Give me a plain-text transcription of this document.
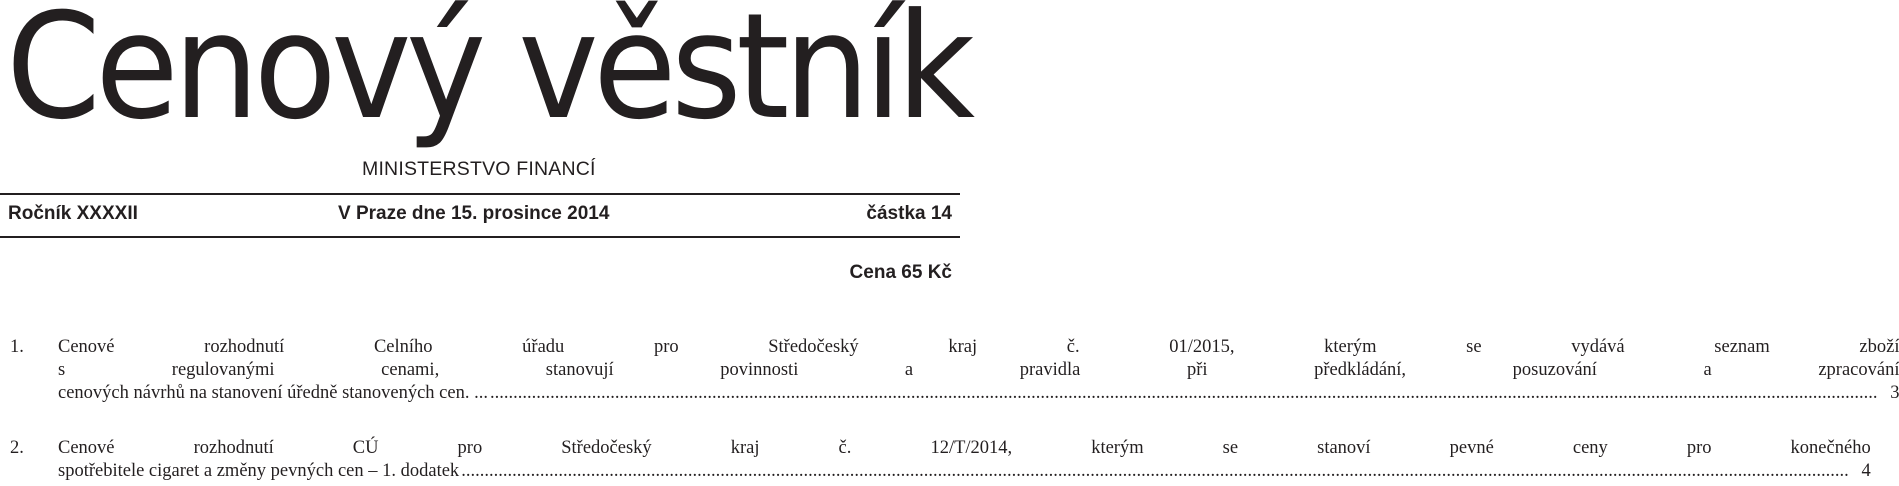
Cenový věstník
MINISTERSTVO FINANCÍ
Ročník XXXXII	V Praze dne 15. prosince 2014	částka 14
Cena 65 Kč
1.	Cenové rozhodnutí Celního úřadu pro Středočeský kraj č. 01/2015, kterým se vydává seznam zboží
s regulovanými cenami, stanovují povinnosti a pravidla při předkládání, posuzování a zpracování
cenových návrhů na stanovení úředně stanovených cen. ... ............................................................................................................................................................................................................................................................................................................ 3
2.	Cenové rozhodnutí CÚ pro Středočeský kraj č. 12/T/2014, kterým se stanoví pevné ceny pro konečného
spotřebitele cigaret a změny pevných cen – 1. dodatek ............................................................................................................................................................................................................................................................................................................ 4
